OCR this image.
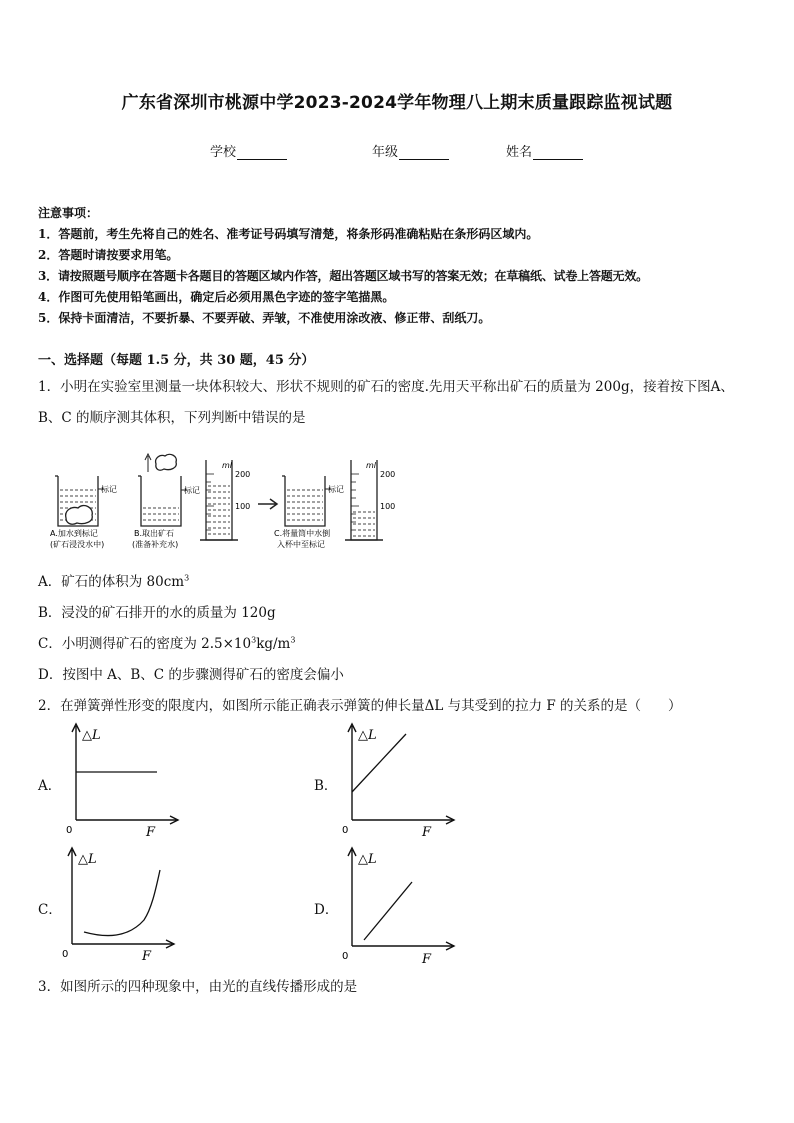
广东省深圳市桃源中学2023-2024学年物理八上期末质量跟踪监视试题
学校	年级	姓名
注意事项：
1．答题前，考生先将自己的姓名、准考证号码填写清楚，将条形码准确粘贴在条形码区域内。
2．答题时请按要求用笔。
3．请按照题号顺序在答题卡各题目的答题区域内作答，超出答题区域书写的答案无效；在草稿纸、试卷上答题无效。
4．作图可先使用铅笔画出，确定后必须用黑色字迹的签字笔描黑。
5．保持卡面清洁，不要折暴、不要弄破、弄皱，不准使用涂改液、修正带、刮纸刀。
一、选择题（每题 1.5 分，共 30 题，45 分）
1．小明在实验室里测量一块体积较大、形状不规则的矿石的密度.先用天平称出矿石的质量为 200g，接着按下图A、
B、C 的顺序测其体积，下列判断中错误的是
标记
A.加水到标记
(矿石浸没水中)
标记
B.取出矿石
(准备补充水)
ml
200
100
标记
C.将量筒中水倒
入杯中至标记
ml
200
100
A．矿石的体积为 $80cm^3$
B．浸没的矿石排开的水的质量为 120g
C．小明测得矿石的密度为 $2.5\times 10^3kg/m^3$
D．按图中 A、B、C 的步骤测得矿石的密度会偏小
2．在弹簧弹性形变的限度内，如图所示能正确表示弹簧的伸长量ΔL 与其受到的拉力 F 的关系的是（　　）
A．
△L
F
0
B．
△L
F
0
C．
△L
F
0
D．
△L
F
0
3．如图所示的四种现象中，由光的直线传播形成的是
